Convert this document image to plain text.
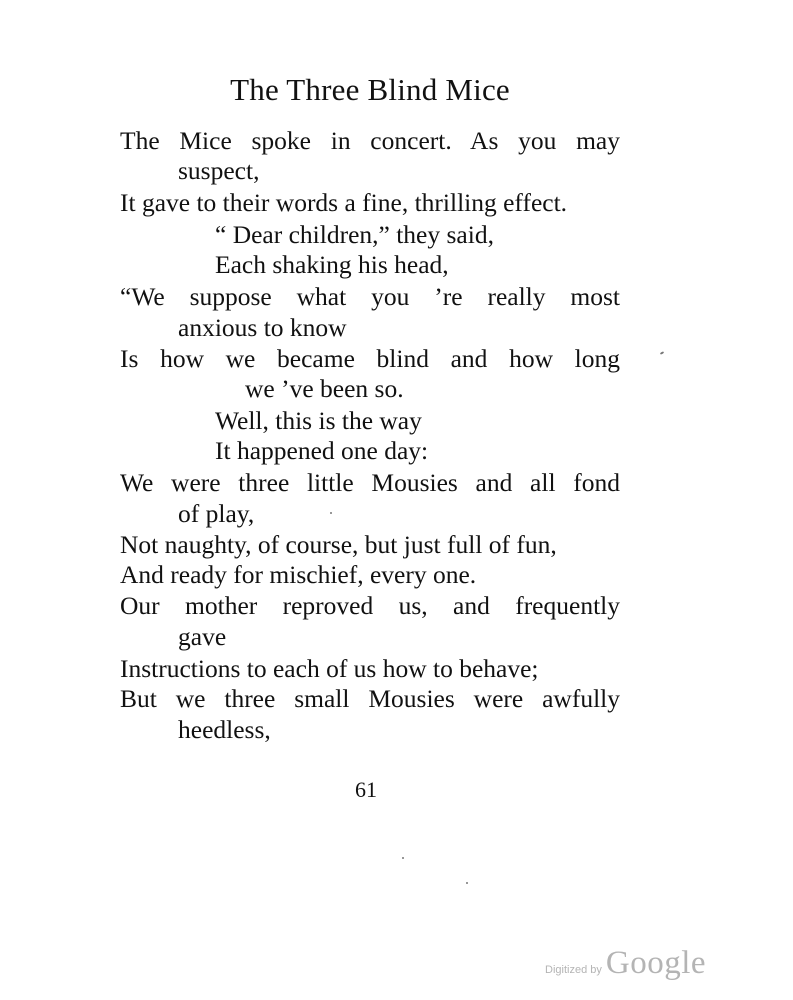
The Three Blind Mice
The Mice spoke in concert. As you may
suspect,
It gave to their words a fine, thrilling effect.
“ Dear children,” they said,
Each shaking his head,
“We suppose what you ’re really most
anxious to know
Is how we became blind and how long
we ’ve been so.
Well, this is the way
It happened one day:
We were three little Mousies and all fond
of play,
Not naughty, of course, but just full of fun,
And ready for mischief, every one.
Our mother reproved us, and frequently
gave
Instructions to each of us how to behave;
But we three small Mousies were awfully
heedless,
61
Digitized by Google
